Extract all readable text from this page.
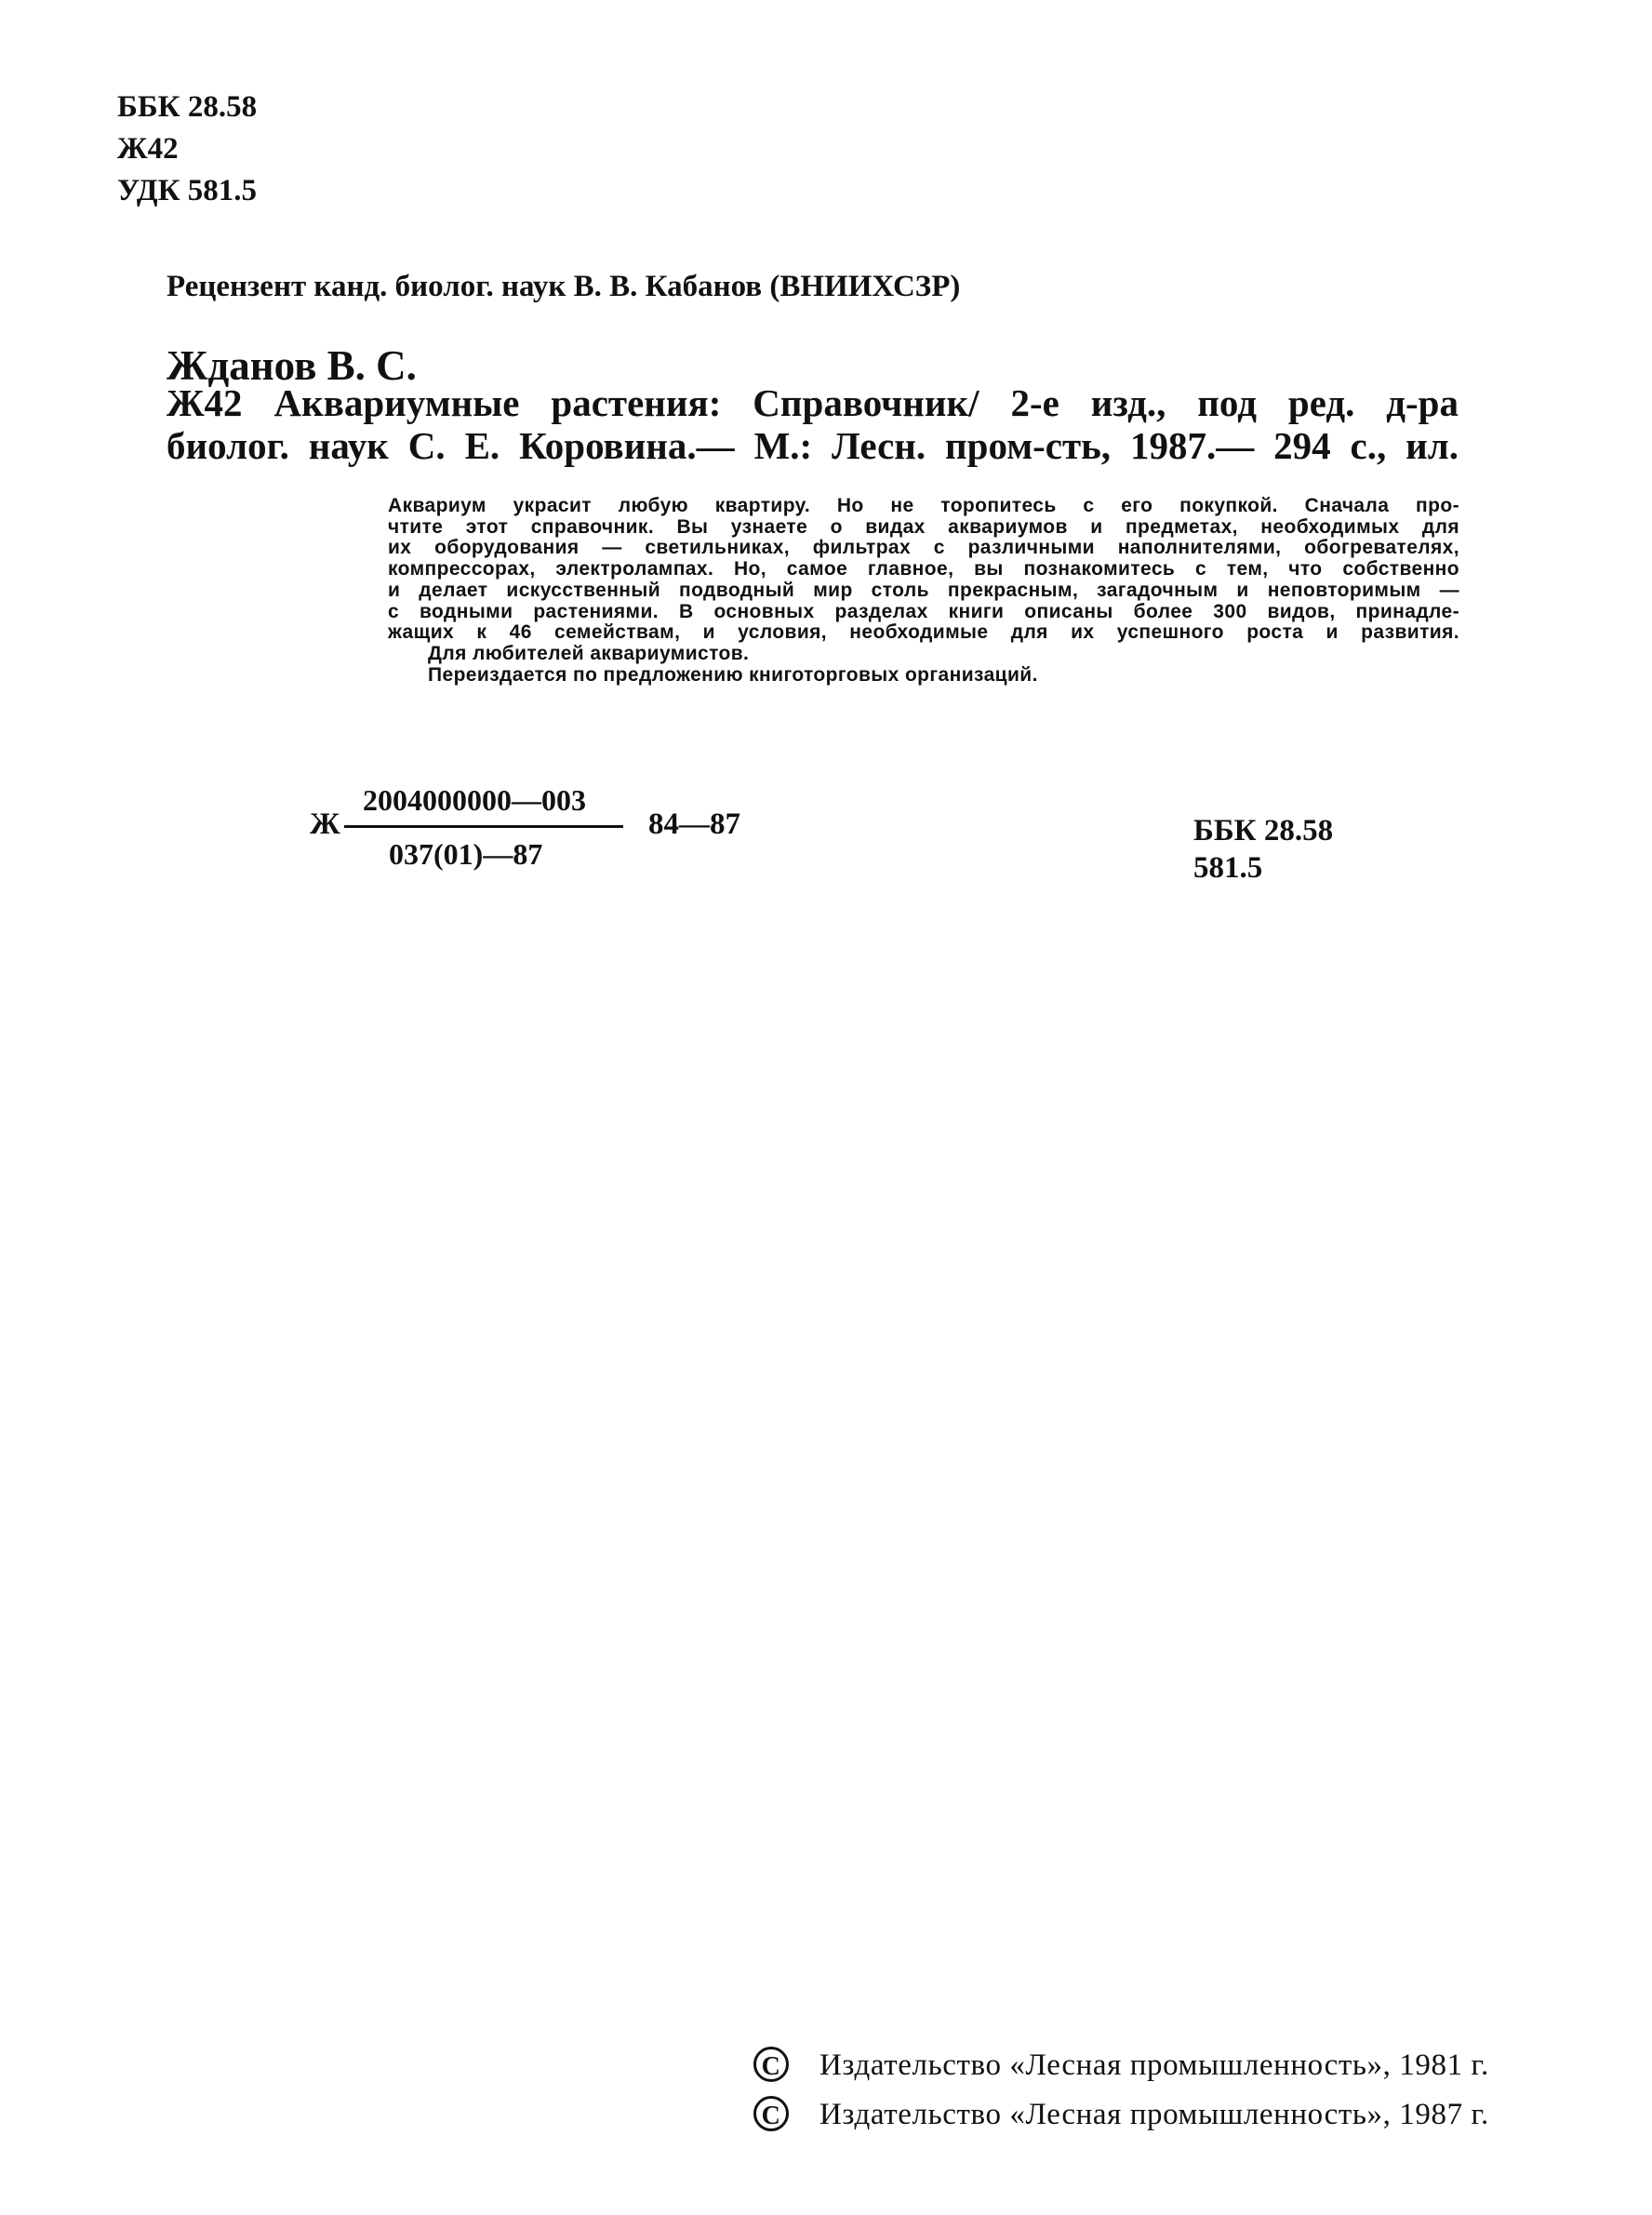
ББК 28.58
Ж42
УДК 581.5
Рецензент канд. биолог. наук В. В. Кабанов (ВНИИХСЗР)
Жданов В. С.
Ж42 Аквариумные растения: Справочник/ 2-е изд., под ред. д-ра
биолог. наук С. Е. Коровина.— М.: Лесн. пром-сть, 1987.— 294 с., ил.
Аквариум украсит любую квартиру. Но не торопитесь с его покупкой. Сначала про-
чтите этот справочник. Вы узнаете о видах аквариумов и предметах, необходимых для
их оборудования — светильниках, фильтрах с различными наполнителями, обогревателях,
компрессорах, электролампах. Но, самое главное, вы познакомитесь с тем, что собственно
и делает искусственный подводный мир столь прекрасным, загадочным и неповторимым —
с водными растениями. В основных разделах книги описаны более 300 видов, принадле-
жащих к 46 семействам, и условия, необходимые для их успешного роста и развития.
Для любителей аквариумистов.
Переиздается по предложению книготорговых организаций.
Ж
2004000000—003
037(01)—87
84—87	ББК 28.58
581.5
С Издательство «Лесная промышленность», 1981 г.
С Издательство «Лесная промышленность», 1987 г.
